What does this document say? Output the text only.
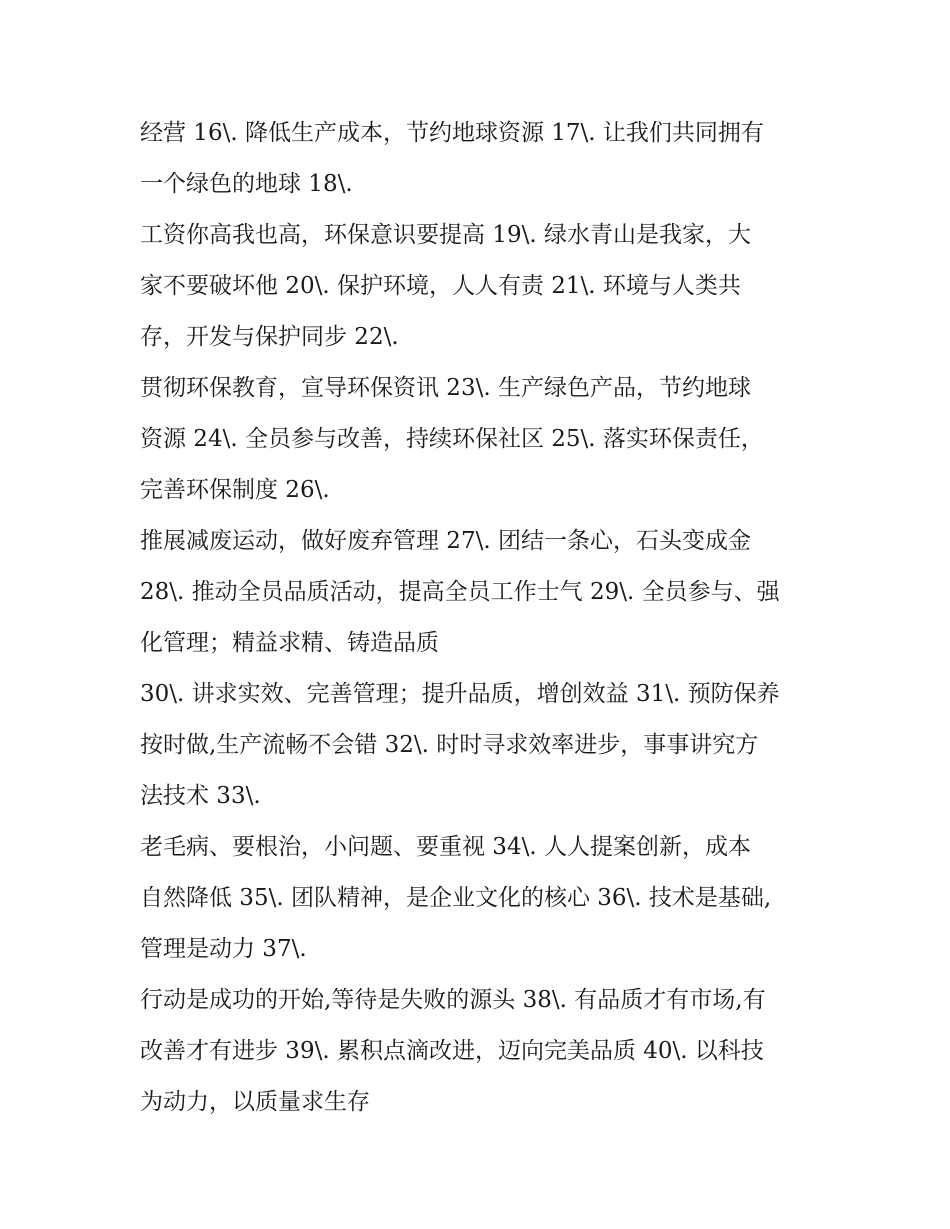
经营 16\. 降低生产成本，节约地球资源 17\. 让我们共同拥有
一个绿色的地球 18\.
工资你高我也高，环保意识要提高 19\. 绿水青山是我家，大
家不要破坏他 20\. 保护环境，人人有责 21\. 环境与人类共
存，开发与保护同步 22\.
贯彻环保教育，宣导环保资讯 23\. 生产绿色产品，节约地球
资源 24\. 全员参与改善，持续环保社区 25\. 落实环保责任，
完善环保制度 26\.
推展减废运动，做好废弃管理 27\. 团结一条心，石头变成金
28\. 推动全员品质活动，提高全员工作士气 29\. 全员参与、强
化管理；精益求精、铸造品质
30\. 讲求实效、完善管理；提升品质，增创效益 31\. 预防保养
按时做,生产流畅不会错 32\. 时时寻求效率进步，事事讲究方
法技术 33\.
老毛病、要根治，小问题、要重视 34\. 人人提案创新，成本
自然降低 35\. 团队精神，是企业文化的核心 36\. 技术是基础,
管理是动力 37\.
行动是成功的开始,等待是失败的源头 38\. 有品质才有市场,有
改善才有进步 39\. 累积点滴改进，迈向完美品质 40\. 以科技
为动力，以质量求生存
